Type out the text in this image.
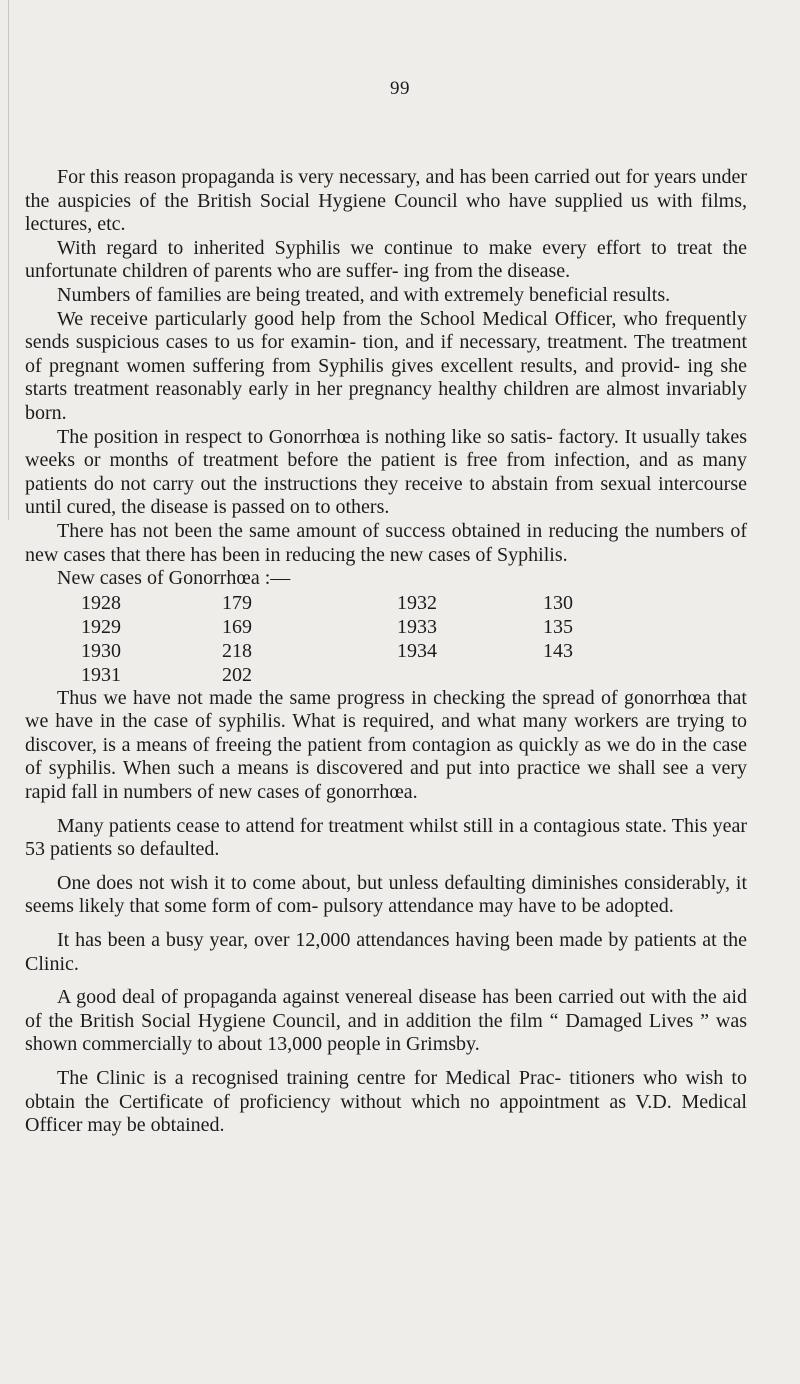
99

For this reason propaganda is very necessary, and has been carried out for years under the auspicies of the British Social Hygiene Council who have supplied us with films, lectures, etc.

With regard to inherited Syphilis we continue to make every effort to treat the unfortunate children of parents who are suffer- ing from the disease.

Numbers of families are being treated, and with extremely beneficial results.

We receive particularly good help from the School Medical Officer, who frequently sends suspicious cases to us for examin- tion, and if necessary, treatment. The treatment of pregnant women suffering from Syphilis gives excellent results, and provid- ing she starts treatment reasonably early in her pregnancy healthy children are almost invariably born.

The position in respect to Gonorrhœa is nothing like so satis- factory. It usually takes weeks or months of treatment before the patient is free from infection, and as many patients do not carry out the instructions they receive to abstain from sexual intercourse until cured, the disease is passed on to others.

There has not been the same amount of success obtained in reducing the numbers of new cases that there has been in reducing the new cases of Syphilis.

New cases of Gonorrhœa :—

1928	179	1932	130
1929	169	1933	135
1930	218	1934	143
1931	202

Thus we have not made the same progress in checking the spread of gonorrhœa that we have in the case of syphilis. What is required, and what many workers are trying to discover, is a means of freeing the patient from contagion as quickly as we do in the case of syphilis. When such a means is discovered and put into practice we shall see a very rapid fall in numbers of new cases of gonorrhœa.

Many patients cease to attend for treatment whilst still in a contagious state. This year 53 patients so defaulted.

One does not wish it to come about, but unless defaulting diminishes considerably, it seems likely that some form of com- pulsory attendance may have to be adopted.

It has been a busy year, over 12,000 attendances having been made by patients at the Clinic.

A good deal of propaganda against venereal disease has been carried out with the aid of the British Social Hygiene Council, and in addition the film “ Damaged Lives ” was shown commercially to about 13,000 people in Grimsby.

The Clinic is a recognised training centre for Medical Prac- titioners who wish to obtain the Certificate of proficiency without which no appointment as V.D. Medical Officer may be obtained.
